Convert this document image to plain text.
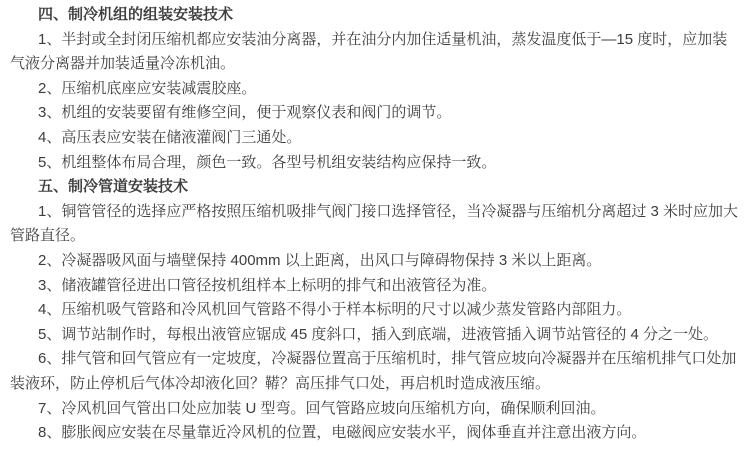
四、制冷机组的组装安装技术

1、半封或全封闭压缩机都应安装油分离器，并在油分内加住适量机油，蒸发温度低于—15 度时，应加装气液分离器并加装适量冷冻机油。

2、压缩机底座应安装减震胶座。

3、机组的安装要留有维修空间，便于观察仪表和阀门的调节。

4、高压表应安装在储液灌阀门三通处。

5、机组整体布局合理，颜色一致。各型号机组安装结构应保持一致。

五、制冷管道安装技术

1、铜管管径的选择应严格按照压缩机吸排气阀门接口选择管径，当冷凝器与压缩机分离超过 3 米时应加大管路直径。

2、冷凝器吸风面与墙壁保持 400mm 以上距离，出风口与障碍物保持 3 米以上距离。

3、储液罐管径进出口管径按机组样本上标明的排气和出液管径为准。

4、压缩机吸气管路和冷风机回气管路不得小于样本标明的尺寸以减少蒸发管路内部阻力。

5、调节站制作时，每根出液管应锯成 45 度斜口，插入到底端，进液管插入调节站管径的 4 分之一处。

6、排气管和回气管应有一定坡度，冷凝器位置高于压缩机时，排气管应坡向冷凝器并在压缩机排气口处加装液环，防止停机后气体冷却液化回？鞯？高压排气口处，再启机时造成液压缩。

7、冷风机回气管出口处应加装 U 型弯。回气管路应坡向压缩机方向，确保顺利回油。

8、膨胀阀应安装在尽量靠近冷风机的位置，电磁阀应安装水平，阀体垂直并注意出液方向。
